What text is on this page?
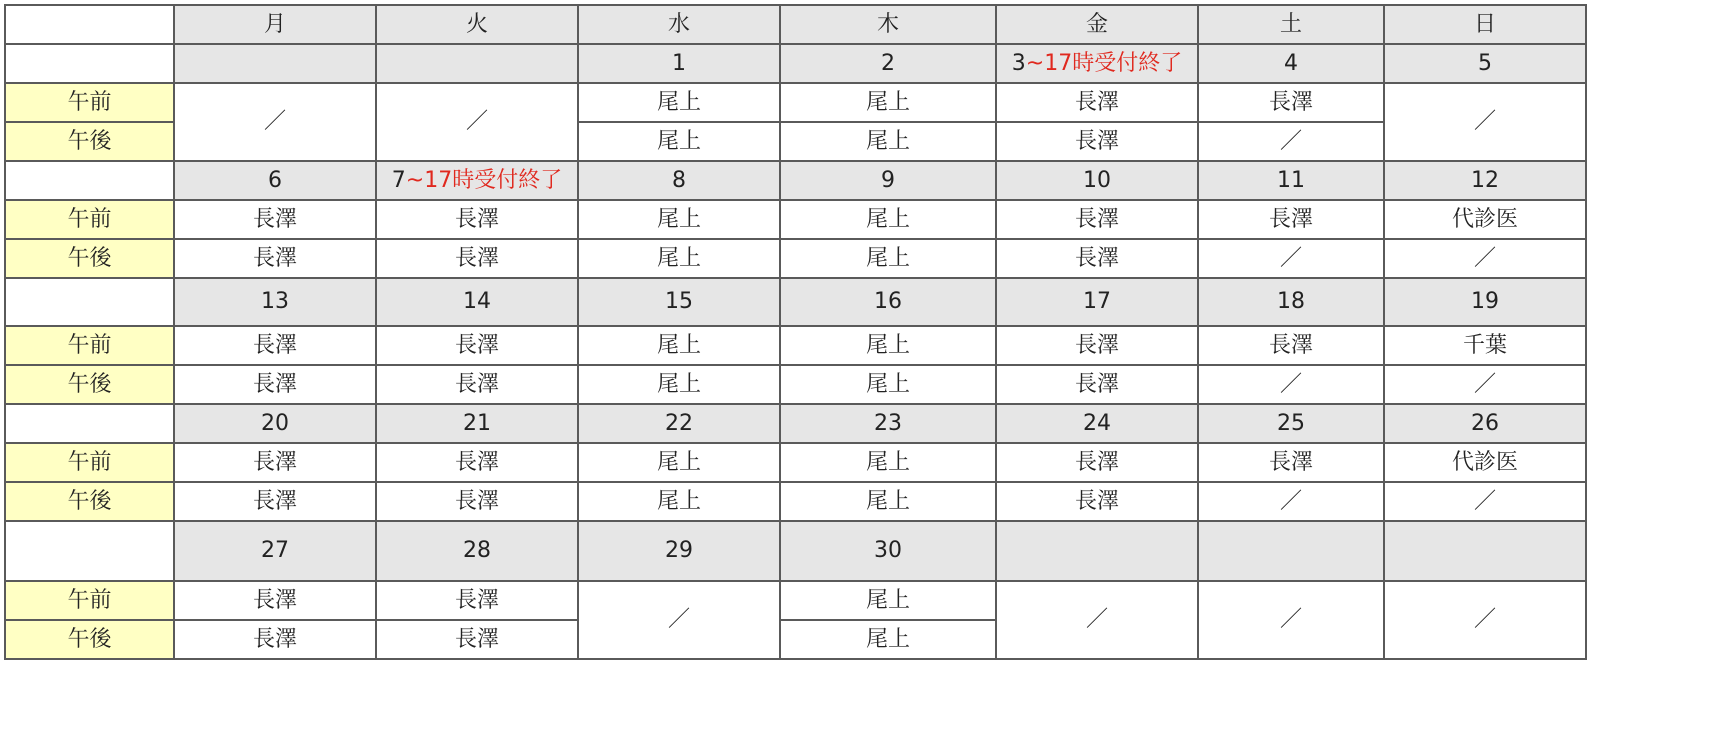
	月	火	水	木	金	土	日
			1	2	3~17時受付終了	4	5
午前	／	／	尾上	尾上	長澤	長澤	／
午後			尾上	尾上	長澤	／	
	6	7~17時受付終了	8	9	10	11	12
午前	長澤	長澤	尾上	尾上	長澤	長澤	代診医
午後	長澤	長澤	尾上	尾上	長澤	／	／
	13	14	15	16	17	18	19
午前	長澤	長澤	尾上	尾上	長澤	長澤	千葉
午後	長澤	長澤	尾上	尾上	長澤	／	／
	20	21	22	23	24	25	26
午前	長澤	長澤	尾上	尾上	長澤	長澤	代診医
午後	長澤	長澤	尾上	尾上	長澤	／	／
	27	28	29	30			
午前	長澤	長澤	／	尾上	／	／	／
午後	長澤	長澤		尾上			
